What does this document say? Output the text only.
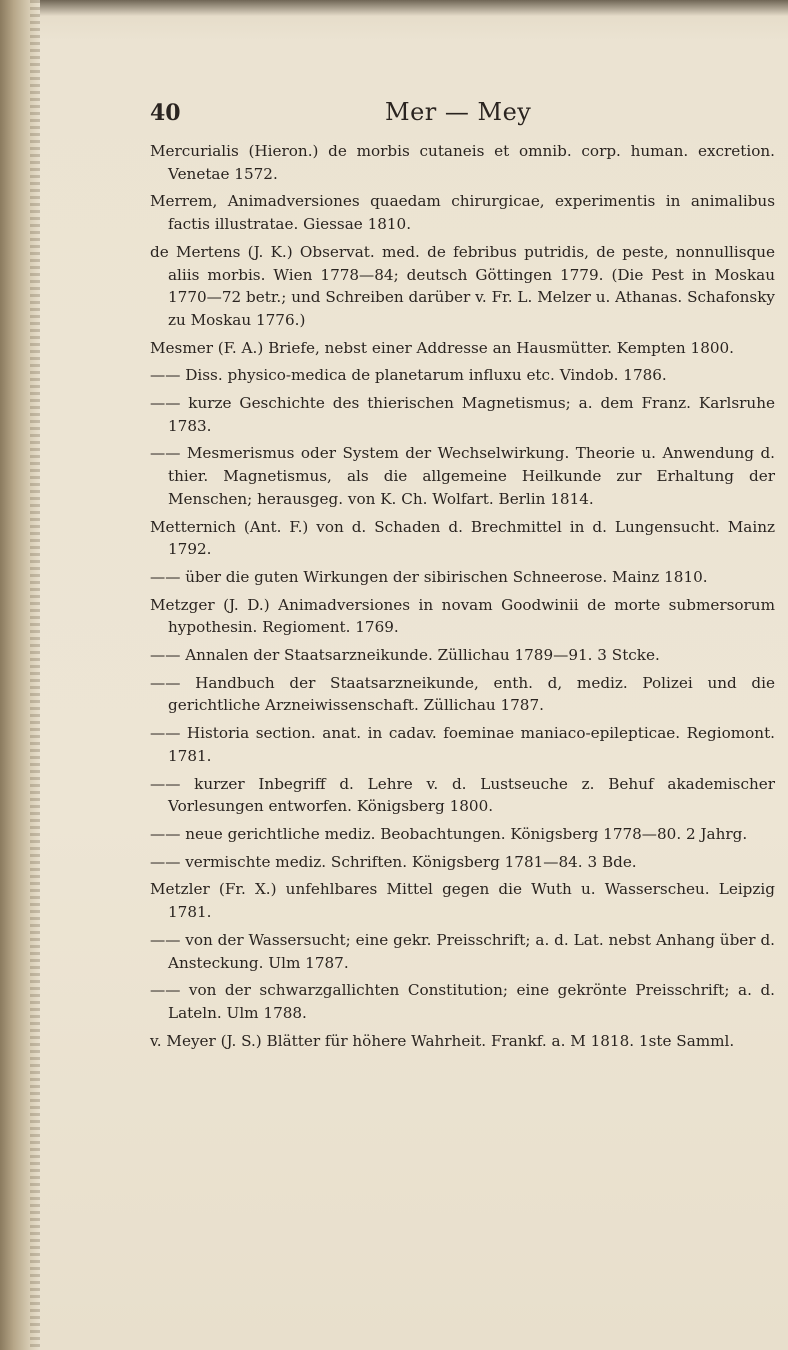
40	Mer — Mey

Mercurialis (Hieron.) de morbis cutaneis et omnib. corp. human. excretion. Venetae 1572.

Merrem, Animadversiones quaedam chirurgicae, experimentis in animalibus factis illustratae. Giessae 1810.

de Mertens (J. K.) Observat. med. de febribus putridis, de peste, nonnullisque aliis morbis. Wien 1778—84; deutsch Göttingen 1779. (Die Pest in Moskau 1770—72 betr.; und Schreiben darüber v. Fr. L. Melzer u. Athanas. Schafonsky zu Moskau 1776.)

Mesmer (F. A.) Briefe, nebst einer Addresse an Hausmütter. Kempten 1800.

—— Diss. physico-medica de planetarum influxu etc. Vindob. 1786.

—— kurze Geschichte des thierischen Magnetismus; a. dem Franz. Karlsruhe 1783.

—— Mesmerismus oder System der Wechselwirkung. Theorie u. Anwendung d. thier. Magnetismus, als die allgemeine Heilkunde zur Erhaltung der Menschen; herausgeg. von K. Ch. Wolfart. Berlin 1814.

Metternich (Ant. F.) von d. Schaden d. Brechmittel in d. Lungensucht. Mainz 1792.

—— über die guten Wirkungen der sibirischen Schneerose. Mainz 1810.

Metzger (J. D.) Animadversiones in novam Goodwinii de morte submersorum hypothesin. Regioment. 1769.

—— Annalen der Staatsarzneikunde. Züllichau 1789—91. 3 Stcke.

—— Handbuch der Staatsarzneikunde, enth. d, mediz. Polizei und die gerichtliche Arzneiwissenschaft. Züllichau 1787.

—— Historia section. anat. in cadav. foeminae maniaco-epilepticae. Regiomont. 1781.

—— kurzer Inbegriff d. Lehre v. d. Lustseuche z. Behuf akademischer Vorlesungen entworfen. Königsberg 1800.

—— neue gerichtliche mediz. Beobachtungen. Königsberg 1778—80. 2 Jahrg.

—— vermischte mediz. Schriften. Königsberg 1781—84. 3 Bde.

Metzler (Fr. X.) unfehlbares Mittel gegen die Wuth u. Wasserscheu. Leipzig 1781.

—— von der Wassersucht; eine gekr. Preisschrift; a. d. Lat. nebst Anhang über d. Ansteckung. Ulm 1787.

—— von der schwarzgallichten Constitution; eine gekrönte Preisschrift; a. d. Lateln. Ulm 1788.

v. Meyer (J. S.) Blätter für höhere Wahrheit. Frankf. a. M 1818. 1ste Samml.
